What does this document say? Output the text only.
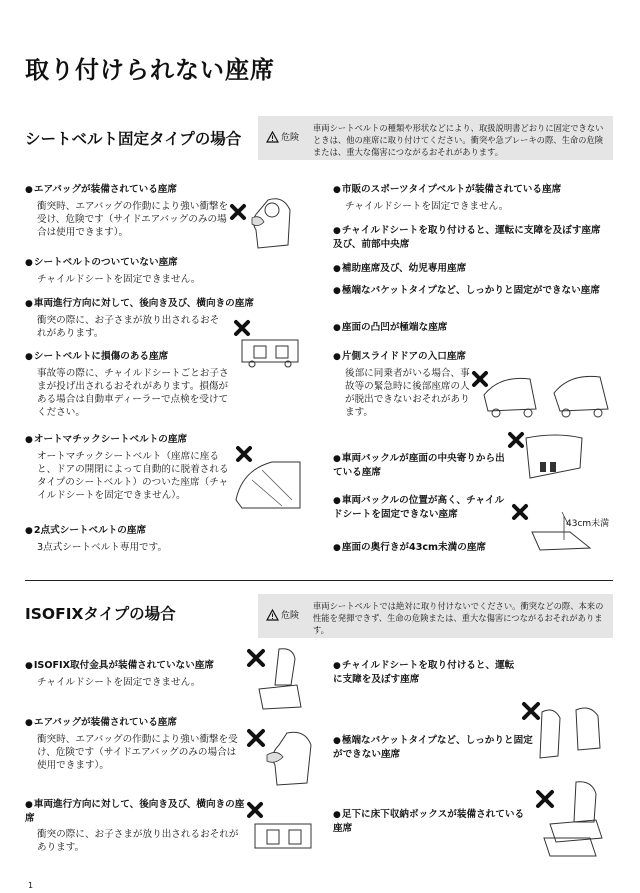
取り付けられない座席
シートベルト固定タイプの場合	危険
車両シートベルトの種類や形状などにより、取扱説明書どおりに固定できないときは、他の座席に取り付けてください。衝突や急ブレーキの際、生命の危険または、重大な傷害につながるおそれがあります。
● エアバッグが装備されている座席
衝突時、エアバッグの作動により強い衝撃を受け、危険です（サイドエアバッグのみの場合は使用できます）。
● シートベルトのついていない座席
チャイルドシートを固定できません。
● 車両進行方向に対して、後向き及び、横向きの座席
衝突の際に、お子さまが放り出されるおそれがあります。
● シートベルトに損傷のある座席
事故等の際に、チャイルドシートごとお子さまが投げ出されるおそれがあります。損傷がある場合は自動車ディーラーで点検を受けてください。
● オートマチックシートベルトの座席
オートマチックシートベルト（座席に座ると、ドアの開閉によって自動的に脱着されるタイプのシートベルト）のついた座席（チャイルドシートを固定できません）。
● 2点式シートベルトの座席
3点式シートベルト専用です。
● 市販のスポーツタイプベルトが装備されている座席
チャイルドシートを固定できません。
● チャイルドシートを取り付けると、運転に支障を及ぼす座席及び、前部中央席
● 補助座席及び、幼児専用座席
● 極端なバケットタイプなど、しっかりと固定ができない座席
● 座面の凸凹が極端な座席
● 片側スライドドアの入口座席
後部に同乗者がいる場合、事故等の緊急時に後部座席の人が脱出できないおそれがあります。
● 車両バックルが座面の中央寄りから出ている座席
● 車両バックルの位置が高く、チャイルドシートを固定できない座席
● 座面の奥行きが43cm未満の座席
43cm未満
ISOFIXタイプの場合	危険
車両シートベルトでは絶対に取り付けないでください。衝突などの際、本来の性能を発揮できず、生命の危険または、重大な傷害につながるおそれがあります。
● ISOFIX取付金具が装備されていない座席
チャイルドシートを固定できません。
● エアバッグが装備されている座席
衝突時、エアバッグの作動により強い衝撃を受け、危険です（サイドエアバッグのみの場合は使用できます）。
● 車両進行方向に対して、後向き及び、横向きの座席
衝突の際に、お子さまが放り出されるおそれがあります。
● チャイルドシートを取り付けると、運転に支障を及ぼす座席
● 極端なバケットタイプなど、しっかりと固定ができない座席
● 足下に床下収納ボックスが装備されている座席
1
